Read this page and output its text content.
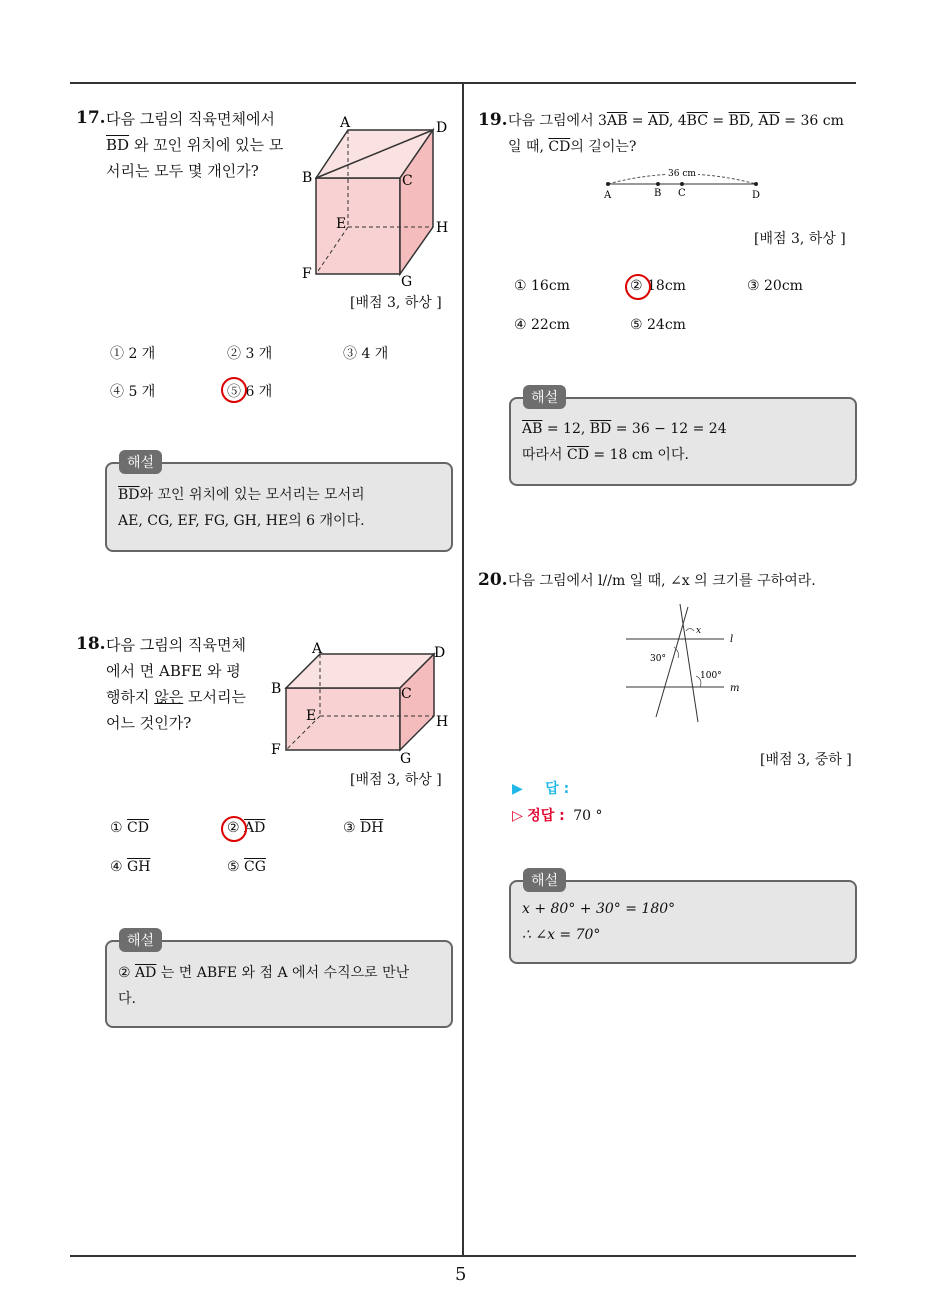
5
17. 다음 그림의 직육면체에서
$\overline{BD}$ 와 꼬인 위치에 있는 모
서리는 모두 몇 개인가?
A	D
B	C
E	H
F	G
[배점 3, 하상 ]
① 2 개	② 3 개	③ 4 개
④ 5 개	⑤ 6 개
해설
$\overline{BD}$와 꼬인 위치에 있는 모서리는 모서리
AE, CG, EF, FG, GH, HE의 6 개이다.
18. 다음 그림의 직육면체
에서 면 ABFE 와 평
행하지 않은 모서리는
어느 것인가?
A	D
B	C
E	H
F
G
[배점 3, 하상 ]
① $\overline{CD}$	② $\overline{AD}$	③ $\overline{DH}$
④ $\overline{GH}$	⑤ $\overline{CG}$
해설
② $\overline{AD}$ 는 면 ABFE 와 점 A 에서 수직으로 만난
다.
19. 다음 그림에서 $3\overline{AB} = \overline{AD}$, $4\overline{BC} = \overline{BD}$, $\overline{AD} = 36$ cm
일 때, $\overline{CD}$의 길이는?
36 cm
A	B C	D
[배점 3, 하상 ]
① 16cm	② 18cm	③ 20cm
④ 22cm	⑤ 24cm
해설
$\overline{AB} = 12$, $\overline{BD} = 36 - 12 = 24$
따라서 $\overline{CD} = 18$ cm 이다.
20. 다음 그림에서 l//m 일 때, ∠x 의 크기를 구하여라.
x
l
m
30°
100°
[배점 3, 중하 ]
▶ 답 :
▷ 정답 : 70 °
해설
x + 80° + 30° = 180°
∴ ∠x = 70°
